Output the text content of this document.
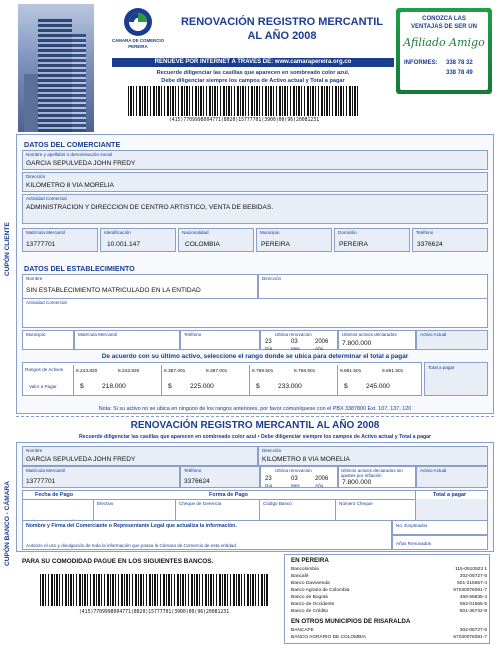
CÁMARA DE COMERCIO
PEREIRA
RENOVACIÓN REGISTRO MERCANTIL
AL AÑO 2008
CONOZCA LAS
VENTAJAS DE SER UN
Afiliado Amigo
INFORMES: 338 78 32
338 78 49
RENUEVE POR INTERNET A TRAVÉS DE: www.camarapereira.org.co
Recuerde diligenciar las casillas que aparecen en sombreado color azul.
Debe diligenciar siempre los campos de Activo actual y Total a pagar
(415)7709998004771(8020)15777701(3900)00(96)20081231
CUPÓN CLIENTE
CUPÓN BANCO - CÁMARA
DATOS DEL COMERCIANTE
Nombre y apellidos o denominación social
GARCIA SEPULVEDA JOHN FREDY
Dirección
KILOMETRO 8 VIA MORELIA
Actividad Comercial
ADMINISTRACION Y DIRECCION DE CENTRO ARTISTICO, VENTA DE BEBIDAS.
Matrícula Mercantil
13777701
Identificación
10.001.147
Nacionalidad
COLOMBIA
Municipio
PEREIRA
Domicilio
PEREIRA
Teléfono
3376624
DATOS DEL ESTABLECIMIENTO
Nombre
SIN ESTABLECIMIENTO MATRICULADO EN LA ENTIDAD
Dirección
Actividad Comercial
Municipio	Matrícula Mercantil	Teléfono	Ultima renovación
23	03	2006
Día	Mes	Año
Ultimos activos declarados
7.800.000
Activo Actual
De acuerdo con su último activo, seleccione el rango donde se ubica para determinar el total a pagar
Rangos de Activos
Valor a Pagar
8.243.820	8.243.820
$	218.000
8.387.001	8.387.001
$	225.000
8.768.501	8.768.501
$	233.000
9.691.501	9.691.501
$	245.000
Total a pagar
Nota: Si su activo no se ubica en ninguno de los rangos anteriores, por favor comuníquese con el PBX 3387800 Ext. 107, 137, 120
RENOVACIÓN REGISTRO MERCANTIL AL AÑO 2008
Recuerde diligenciar las casillas que aparecen en sombreado color azul • Debe diligenciar siempre los campos de Activo actual y Total a pagar
Nombre
GARCIA SEPULVEDA JOHN FREDY
Dirección
KILOMETRO 8 VIA MORELIA
Matrícula Mercantil
13777701
Teléfono
3376624
Ultima renovación
23	03	2006
Día	Mes	Año
Ultimos activos declarados sin ajustes por inflación
7.800.000
Activo Actual
Fecha de Pago	Forma de Pago	Total a pagar
Efectivo	Cheque de Gerencia	Código Banco	Número Cheque
Nombre y Firma del Comerciante o Representante Legal que actualiza la información.
Autorizo el uso y divulgación de toda la información que posea la Cámara de Comercio de esta entidad.
No. Empleados
Años Renovados
PARA SU COMODIDAD PAGUE EN LOS SIGUIENTES BANCOS.
(415)7709998004771(8020)15777701(3900)00(96)20081231
EN PEREIRA
Bancolombia	115-0510923 1
Bancafé	302-08727-5
Banco Davivienda	501-215657-4
Banco Agrario de Colombia	57030076081-7
Banco de Bogotá	468-59835-4
Banco de Occidente	063-01565-5
Banco de Crédito	601-36742-8
EN OTROS MUNICIPIOS DE RISARALDA
BANCAFE	302-08727-5
BANCO AGRARIO DE COLOMBIA	57030076081-7
